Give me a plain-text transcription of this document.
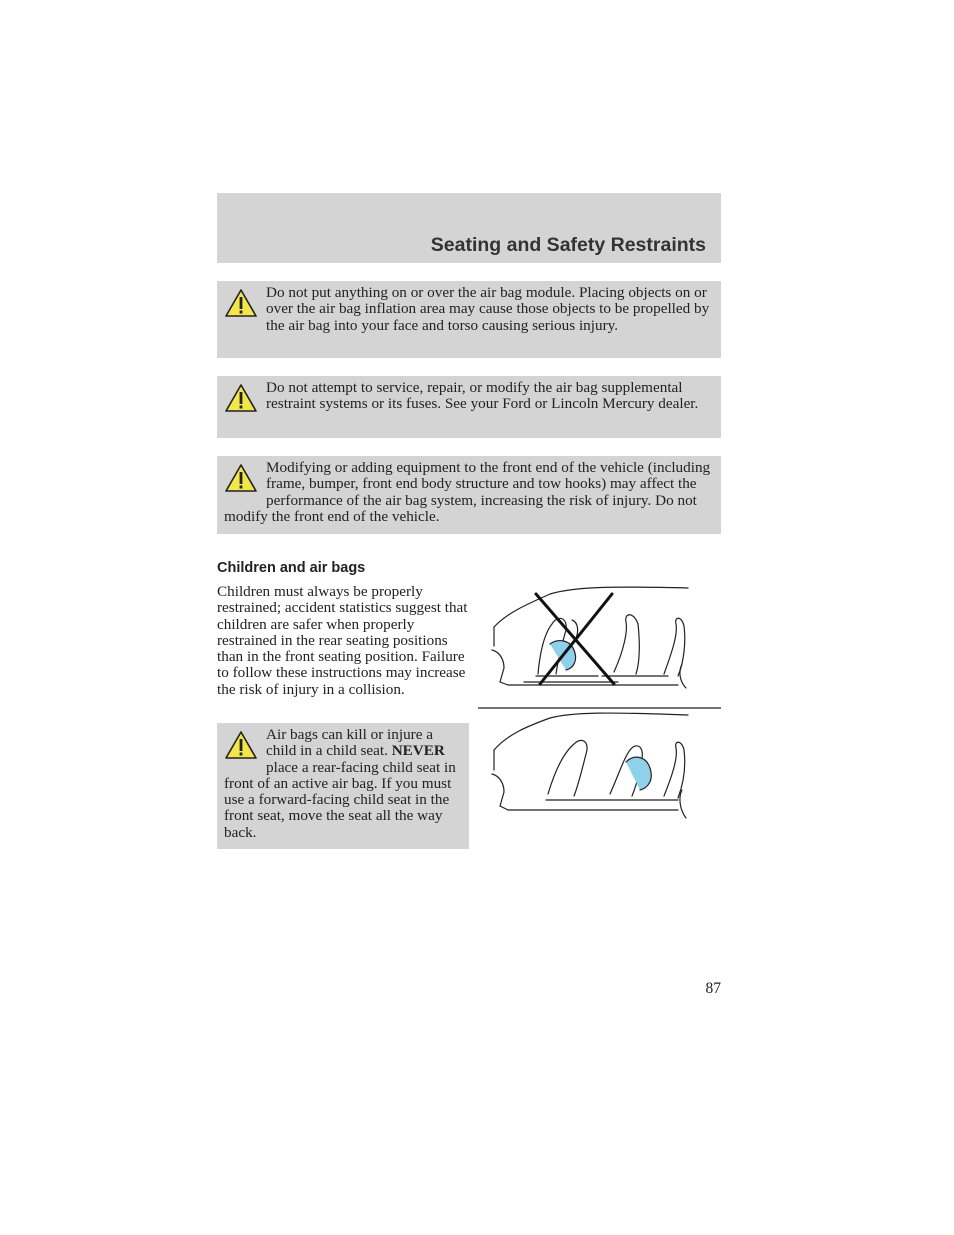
Seating and Safety Restraints

Do not put anything on or over the air bag module. Placing objects on or over the air bag inflation area may cause those objects to be propelled by the air bag into your face and torso causing serious injury.

Do not attempt to service, repair, or modify the air bag supplemental restraint systems or its fuses. See your Ford or Lincoln Mercury dealer.

Modifying or adding equipment to the front end of the vehicle (including frame, bumper, front end body structure and tow hooks) may affect the performance of the air bag system, increasing the risk of injury. Do not modify the front end of the vehicle.

Children and air bags

Children must always be properly restrained; accident statistics suggest that children are safer when properly restrained in the rear seating positions than in the front seating position. Failure to follow these instructions may increase the risk of injury in a collision.

Air bags can kill or injure a child in a child seat. NEVER place a rear-facing child seat in front of an active air bag. If you must use a forward-facing child seat in the front seat, move the seat all the way back.

87
